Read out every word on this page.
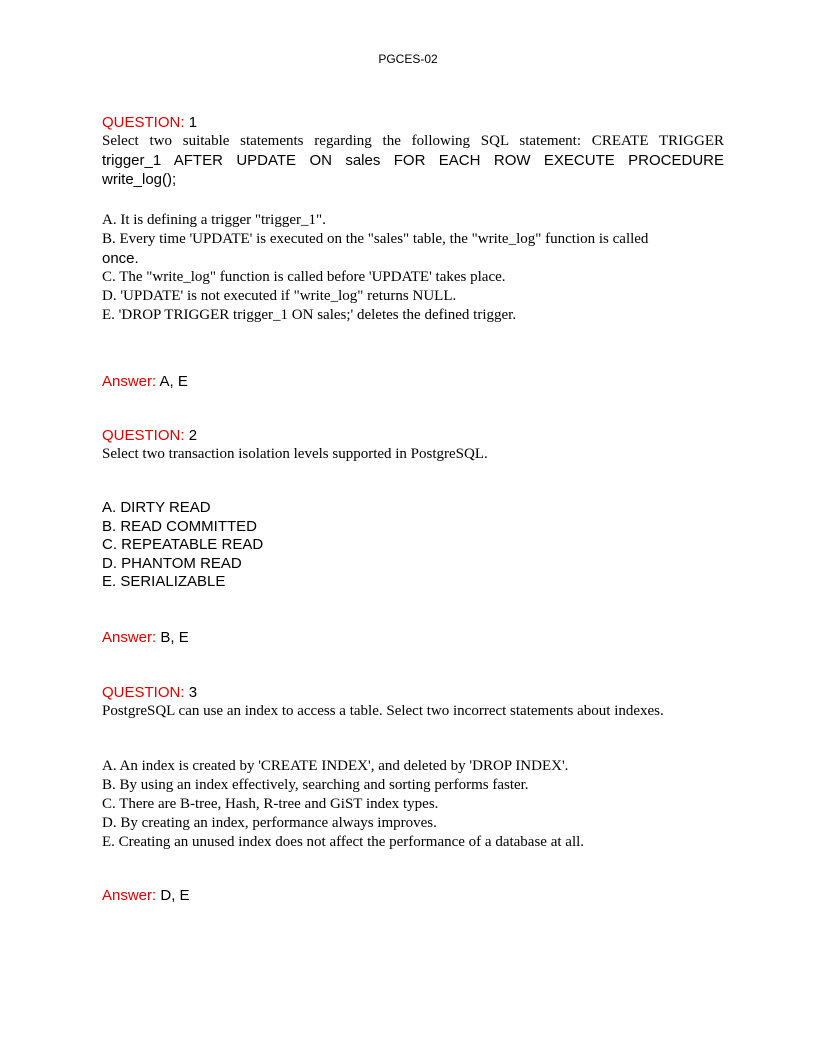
PGCES-02
QUESTION: 1
Select two suitable statements regarding the following SQL statement: CREATE TRIGGER
trigger_1 AFTER UPDATE ON sales FOR EACH ROW EXECUTE PROCEDURE
write_log();
A. It is defining a trigger "trigger_1".
B. Every time 'UPDATE' is executed on the "sales" table, the "write_log" function is called
once.
C. The "write_log" function is called before 'UPDATE' takes place.
D. 'UPDATE' is not executed if "write_log" returns NULL.
E. 'DROP TRIGGER trigger_1 ON sales;' deletes the defined trigger.
Answer: A, E
QUESTION: 2
Select two transaction isolation levels supported in PostgreSQL.
A. DIRTY READ
B. READ COMMITTED
C. REPEATABLE READ
D. PHANTOM READ
E. SERIALIZABLE
Answer: B, E
QUESTION: 3
PostgreSQL can use an index to access a table. Select two incorrect statements about indexes.
A. An index is created by 'CREATE INDEX', and deleted by 'DROP INDEX'.
B. By using an index effectively, searching and sorting performs faster.
C. There are B-tree, Hash, R-tree and GiST index types.
D. By creating an index, performance always improves.
E. Creating an unused index does not affect the performance of a database at all.
Answer: D, E
